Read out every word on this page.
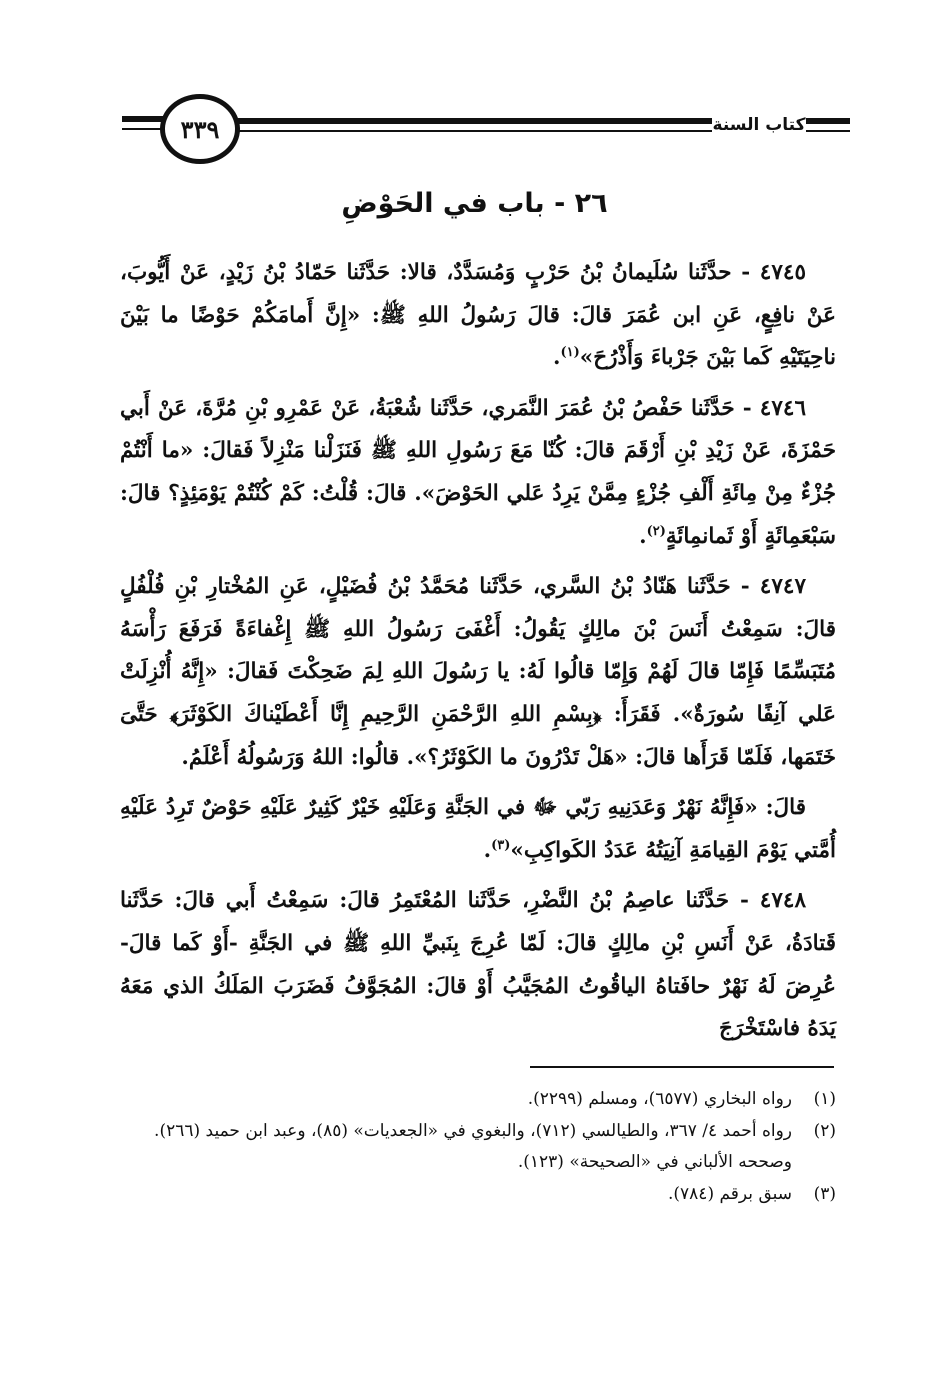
٣٣٩	كتاب السنة
٢٦ - باب في الحَوْضِ

٤٧٤٥ - حدَّثَنا سُلَيمانُ بْنُ حَرْبٍ وَمُسَدَّدٌ، قالا: حَدَّثَنا حَمّادُ بْنُ زَيْدٍ، عَنْ أَيُّوبَ، عَنْ نافِعٍ، عَنِ ابن عُمَرَ قالَ: قالَ رَسُولُ اللهِ ﷺ: «إِنَّ أَمامَكُمْ حَوْضًا ما بَيْنَ ناحِيَتَيْهِ كَما بَيْنَ جَرْباءَ وَأَذْرُحَ»$^{(١)}$.

٤٧٤٦ - حَدَّثَنا حَفْصُ بْنُ عُمَرَ النَّمَري، حَدَّثَنا شُعْبَةُ، عَنْ عَمْرِو بْنِ مُرَّةَ، عَنْ أَبي حَمْزَةَ، عَنْ زَيْدِ بْنِ أَرْقَمَ قالَ: كُنّا مَعَ رَسُولِ اللهِ ﷺ فَنَزَلْنا مَنْزِلاً فَقالَ: «ما أَنْتُمْ جُزْءٌ مِنْ مِائَةِ أَلْفِ جُزْءٍ مِمَّنْ يَرِدُ عَلي الحَوْضَ». قالَ: قُلْتُ: كَمْ كُنْتُمْ يَوْمَئِذٍ؟ قالَ: سَبْعَمِائَةٍ أَوْ ثَمانمِائَةٍ$^{(٢)}$.

٤٧٤٧ - حَدَّثَنا هَنّادُ بْنُ السَّري، حَدَّثَنا مُحَمَّدُ بْنُ فُضَيْلٍ، عَنِ المُخْتارِ بْنِ فُلْفُلٍ قالَ: سَمِعْتُ أَنَسَ بْنَ مالِكٍ يَقُولُ: أَغْفَىَ رَسُولُ اللهِ ﷺ إِغْفاءَةً فَرَفَعَ رَأْسَهُ مُتَبَسِّمًا فَإِمّا قالَ لَهُمْ وَإِمّا قالُوا لَهُ: يا رَسُولَ اللهِ لِمَ ضَحِكْتَ فَقالَ: «إِنَّهُ أُنْزِلَتْ عَلي آنِفًا سُورَةٌ». فَقَرَأَ: ﴿بِسْمِ اللهِ الرَّحْمَنِ الرَّحِيمِ إِنَّا أَعْطَيْناكَ الكَوْثَرَ﴾ حَتَّىَ خَتَمَها، فَلَمّا قَرَأَها قالَ: «هَلْ تَدْرُونَ ما الكَوْثَرُ؟». قالُوا: اللهُ وَرَسُولُهُ أَعْلَمُ.

قالَ: «فَإِنَّهُ نَهْرٌ وَعَدَنِيهِ رَبّي ﷻ في الجَنَّةِ وَعَلَيْهِ خَيْرٌ كَثِيرٌ عَلَيْهِ حَوْضٌ تَرِدُ عَلَيْهِ أُمَّتي يَوْمَ القِيامَةِ آنِيَتُهُ عَدَدُ الكَواكِبِ»$^{(٣)}$.

٤٧٤٨ - حَدَّثَنا عاصِمُ بْنُ النَّضْرِ، حَدَّثَنا المُعْتَمِرُ قالَ: سَمِعْتُ أَبي قالَ: حَدَّثَنا قَتادَةُ، عَنْ أَنَسِ بْنِ مالِكٍ قالَ: لَمّا عُرِجَ بِنَبيِّ اللهِ ﷺ في الجَنَّةِ -أَوْ كَما قالَ- عُرِضَ لَهُ نَهْرٌ حافَتاهُ الياقُوتُ المُجَيَّبُ أَوْ قالَ: المُجَوَّفُ فَضَرَبَ المَلَكُ الذي مَعَهُ يَدَهُ فاسْتَخْرَجَ

(١)
رواه البخاري (٦٥٧٧)، ومسلم (٢٢٩٩).
(٢)
رواه أحمد ٤/ ٣٦٧، والطيالسي (٧١٢)، والبغوي في «الجعديات» (٨٥)، وعبد ابن حميد (٢٦٦).
وصححه الألباني في «الصحيحة» (١٢٣).
(٣)
سبق برقم (٧٨٤).
